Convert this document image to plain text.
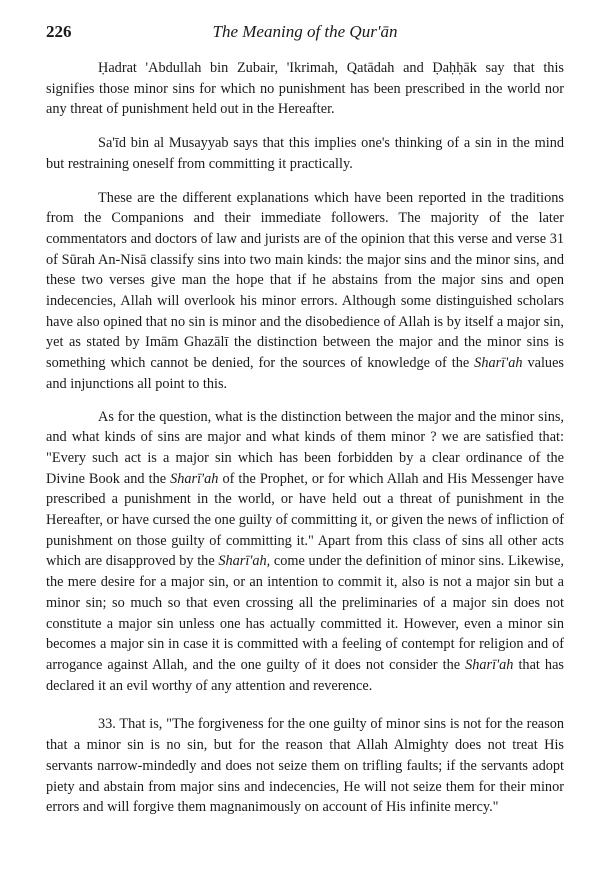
226	The Meaning of the Qur'ān

Ḥadrat 'Abdullah bin Zubair, 'Ikrimah, Qatādah and Ḍaḥḥāk say that this signifies those minor sins for which no punishment has been prescribed in the world nor any threat of punishment held out in the Hereafter.

Sa'īd bin al Musayyab says that this implies one's thinking of a sin in the mind but restraining oneself from committing it practically.

These are the different explanations which have been reported in the traditions from the Companions and their immediate followers. The majority of the later commentators and doctors of law and jurists are of the opinion that this verse and verse 31 of Sūrah An-Nisā classify sins into two main kinds: the major sins and the minor sins, and these two verses give man the hope that if he abstains from the major sins and open indecencies, Allah will overlook his minor errors. Although some distinguished scholars have also opined that no sin is minor and the disobedience of Allah is by itself a major sin, yet as stated by Imām Ghazālī the distinction between the major and the minor sins is something which cannot be denied, for the sources of knowledge of the Sharī'ah values and injunctions all point to this.

As for the question, what is the distinction between the major and the minor sins, and what kinds of sins are major and what kinds of them minor ? we are satisfied that: "Every such act is a major sin which has been forbidden by a clear ordinance of the Divine Book and the Sharī'ah of the Prophet, or for which Allah and His Messenger have prescribed a punishment in the world, or have held out a threat of punishment in the Hereafter, or have cursed the one guilty of committing it, or given the news of infliction of punishment on those guilty of committing it." Apart from this class of sins all other acts which are disapproved by the Sharī'ah, come under the definition of minor sins. Likewise, the mere desire for a major sin, or an intention to commit it, also is not a major sin but a minor sin; so much so that even crossing all the preliminaries of a major sin does not constitute a major sin unless one has actually committed it. However, even a minor sin becomes a major sin in case it is committed with a feeling of contempt for religion and of arrogance against Allah, and the one guilty of it does not consider the Sharī'ah that has declared it an evil worthy of any attention and reverence.

33. That is, "The forgiveness for the one guilty of minor sins is not for the reason that a minor sin is no sin, but for the reason that Allah Almighty does not treat His servants narrow-mindedly and does not seize them on trifling faults; if the servants adopt piety and abstain from major sins and indecencies, He will not seize them for their minor errors and will forgive them magnanimously on account of His infinite mercy."
